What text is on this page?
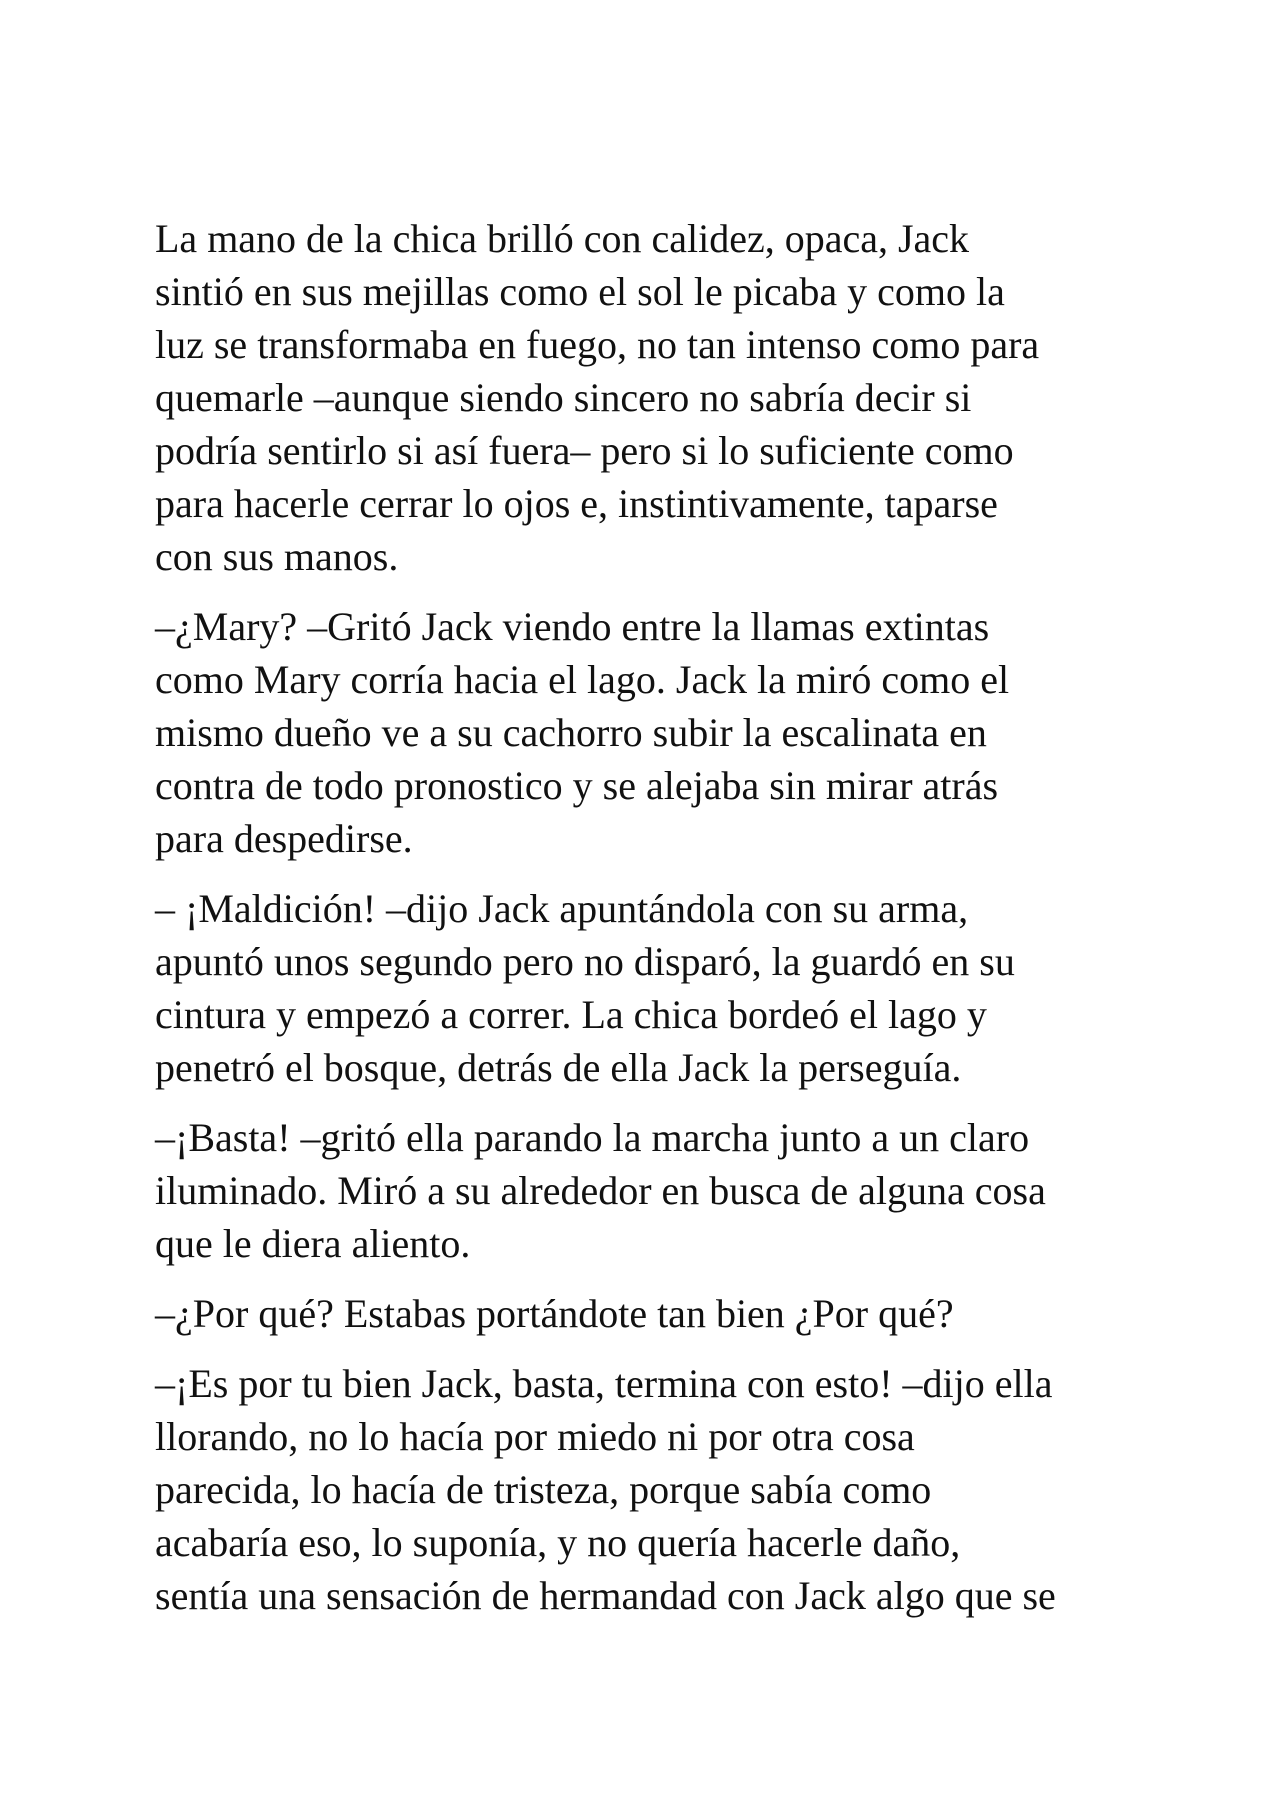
La mano de la chica brilló con calidez, opaca, Jack
sintió en sus mejillas como el sol le picaba y como la
luz se transformaba en fuego, no tan intenso como para
quemarle –aunque siendo sincero no sabría decir si
podría sentirlo si así fuera– pero si lo suficiente como
para hacerle cerrar lo ojos e, instintivamente, taparse
con sus manos.

–¿Mary? –Gritó Jack viendo entre la llamas extintas
como Mary corría hacia el lago. Jack la miró como el
mismo dueño ve a su cachorro subir la escalinata en
contra de todo pronostico y se alejaba sin mirar atrás
para despedirse.

– ¡Maldición! –dijo Jack apuntándola con su arma,
apuntó unos segundo pero no disparó, la guardó en su
cintura y empezó a correr. La chica bordeó el lago y
penetró el bosque, detrás de ella Jack la perseguía.

–¡Basta! –gritó ella parando la marcha junto a un claro
iluminado. Miró a su alrededor en busca de alguna cosa
que le diera aliento.

–¿Por qué? Estabas portándote tan bien ¿Por qué?

–¡Es por tu bien Jack, basta, termina con esto! –dijo ella
llorando, no lo hacía por miedo ni por otra cosa
parecida, lo hacía de tristeza, porque sabía como
acabaría eso, lo suponía, y no quería hacerle daño,
sentía una sensación de hermandad con Jack algo que se
